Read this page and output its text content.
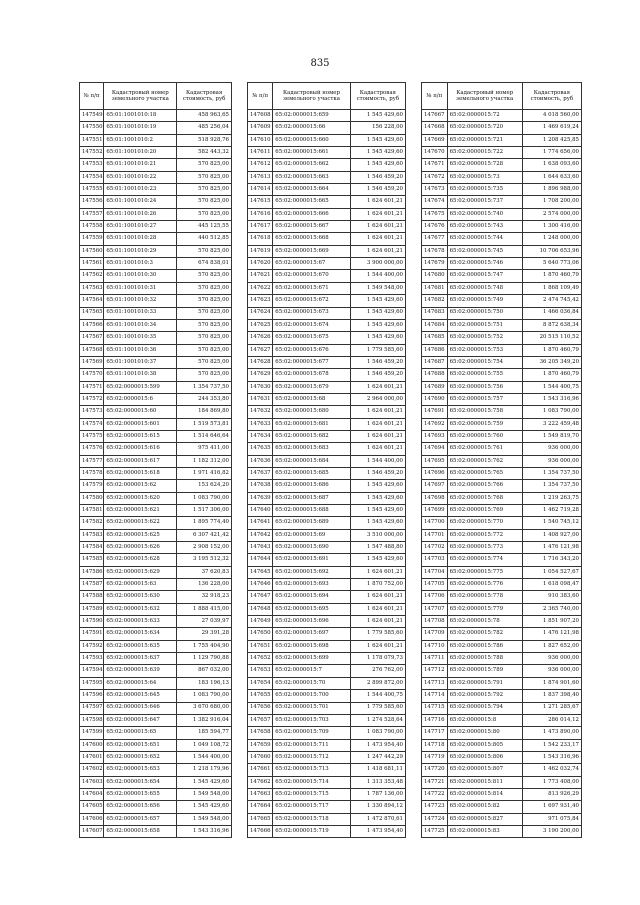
835
№ п/п	Кадастровый номер земельного участка	Кадастровая стоимость, руб
147549	65:01:1001010:18	458 963,65
147550	65:01:1001010:19	485 256,04
147551	65:01:1001010:2	518 928,76
147552	65:01:1001010:20	582 443,32
147553	65:01:1001010:21	570 825,00
147554	65:01:1001010:22	570 825,00
147555	65:01:1001010:23	570 825,00
147556	65:01:1001010:24	570 825,00
147557	65:01:1001010:26	570 825,00
147558	65:01:1001010:27	445 125,55
147559	65:01:1001010:28	440 512,85
147560	65:01:1001010:29	570 825,00
147561	65:01:1001010:3	674 838,01
147562	65:01:1001010:30	570 825,00
147563	65:01:1001010:31	570 825,00
147564	65:01:1001010:32	570 825,00
147565	65:01:1001010:33	570 825,00
147566	65:01:1001010:34	570 825,00
147567	65:01:1001010:35	570 825,00
147568	65:01:1001010:36	570 825,00
147569	65:01:1001010:37	570 825,00
147570	65:01:1001010:38	570 825,00
147571	65:02:0000015:599	1 354 737,50
147572	65:02:0000015:6	244 353,80
147573	65:02:0000015:60	184 869,80
147574	65:02:0000015:601	1 519 573,81
147575	65:02:0000015:615	1 514 646,64
147576	65:02:0000015:616	975 411,00
147577	65:02:0000015:617	1 182 312,00
147578	65:02:0000015:618	1 971 416,82
147579	65:02:0000015:62	153 624,20
147580	65:02:0000015:620	1 083 790,00
147581	65:02:0000015:621	1 517 306,00
147582	65:02:0000015:622	1 895 774,40
147583	65:02:0000015:625	6 307 421,42
147584	65:02:0000015:626	2 908 152,00
147585	65:02:0000015:628	3 195 512,32
147586	65:02:0000015:629	37 620,83
147587	65:02:0000015:63	136 228,00
147588	65:02:0000015:630	32 918,23
147589	65:02:0000015:632	1 888 415,00
147590	65:02:0000015:633	27 039,97
147591	65:02:0000015:634	29 391,28
147592	65:02:0000015:635	1 755 404,90
147593	65:02:0000015:637	1 129 790,88
147594	65:02:0000015:639	867 032,00
147595	65:02:0000015:64	183 196,13
147596	65:02:0000015:645	1 083 790,00
147597	65:02:0000015:646	3 670 680,00
147598	65:02:0000015:647	1 382 916,04
147599	65:02:0000015:65	185 594,77
147600	65:02:0000015:651	1 049 108,72
147601	65:02:0000015:652	1 544 400,00
147602	65:02:0000015:653	1 218 179,96
147603	65:02:0000015:654	1 545 429,60
147604	65:02:0000015:655	1 549 548,00
147605	65:02:0000015:656	1 545 429,60
147606	65:02:0000015:657	1 549 548,00
147607	65:02:0000015:658	1 543 316,96
№ п/п	Кадастровый номер земельного участка	Кадастровая стоимость, руб
147608	65:02:0000015:659	1 545 429,60
147609	65:02:0000015:66	156 228,00
147610	65:02:0000015:660	1 545 429,60
147611	65:02:0000015:661	1 545 429,60
147612	65:02:0000015:662	1 545 429,60
147613	65:02:0000015:663	1 546 459,20
147614	65:02:0000015:664	1 546 459,20
147615	65:02:0000015:665	1 624 601,21
147616	65:02:0000015:666	1 624 601,21
147617	65:02:0000015:667	1 624 601,21
147618	65:02:0000015:668	1 624 601,21
147619	65:02:0000015:669	1 624 601,21
147620	65:02:0000015:67	3 900 000,00
147621	65:02:0000015:670	1 544 400,00
147622	65:02:0000015:671	1 549 548,00
147623	65:02:0000015:672	1 545 429,60
147624	65:02:0000015:673	1 545 429,60
147625	65:02:0000015:674	1 545 429,60
147626	65:02:0000015:675	1 545 429,60
147627	65:02:0000015:676	1 779 585,60
147628	65:02:0000015:677	1 546 459,20
147629	65:02:0000015:678	1 546 459,20
147630	65:02:0000015:679	1 624 601,21
147631	65:02:0000015:68	2 964 000,00
147632	65:02:0000015:680	1 624 601,21
147633	65:02:0000015:681	1 624 601,21
147634	65:02:0000015:682	1 624 601,21
147635	65:02:0000015:683	1 624 601,21
147636	65:02:0000015:684	1 544 400,00
147637	65:02:0000015:685	1 546 459,20
147638	65:02:0000015:686	1 545 429,60
147639	65:02:0000015:687	1 545 429,60
147640	65:02:0000015:688	1 545 429,60
147641	65:02:0000015:689	1 545 429,60
147642	65:02:0000015:69	3 510 000,00
147643	65:02:0000015:690	1 547 488,80
147644	65:02:0000015:691	1 545 429,60
147645	65:02:0000015:692	1 624 601,21
147646	65:02:0000015:693	1 870 752,00
147647	65:02:0000015:694	1 624 601,21
147648	65:02:0000015:695	1 624 601,21
147649	65:02:0000015:696	1 624 601,21
147650	65:02:0000015:697	1 779 585,60
147651	65:02:0000015:698	1 624 601,21
147652	65:02:0000015:699	1 178 079,73
147653	65:02:0000015:7	276 762,00
147654	65:02:0000015:70	2 899 872,00
147655	65:02:0000015:700	1 544 400,75
147656	65:02:0000015:701	1 779 585,60
147657	65:02:0000015:703	1 274 528,64
147658	65:02:0000015:709	1 083 790,00
147659	65:02:0000015:711	1 473 954,40
147660	65:02:0000015:712	1 247 442,29
147661	65:02:0000015:713	1 418 681,11
147662	65:02:0000015:714	1 313 353,48
147663	65:02:0000015:715	1 787 136,00
147664	65:02:0000015:717	1 330 894,12
147665	65:02:0000015:718	1 472 870,61
147666	65:02:0000015:719	1 473 954,40
№ п/п	Кадастровый номер земельного участка	Кадастровая стоимость, руб
147667	65:02:0000015:72	4 018 560,00
147668	65:02:0000015:720	1 469 619,24
147669	65:02:0000015:721	1 208 425,85
147670	65:02:0000015:722	1 774 656,00
147671	65:02:0000015:728	1 638 093,60
147672	65:02:0000015:73	1 644 633,60
147673	65:02:0000015:735	1 896 988,00
147674	65:02:0000015:737	1 708 200,00
147675	65:02:0000015:740	2 574 000,00
147676	65:02:0000015:743	1 300 416,00
147677	65:02:0000015:744	1 248 000,00
147678	65:02:0000015:745	10 706 653,96
147679	65:02:0000015:746	5 640 773,06
147680	65:02:0000015:747	1 870 460,79
147681	65:02:0000015:748	1 868 109,49
147682	65:02:0000015:749	2 474 745,42
147683	65:02:0000015:750	1 466 036,84
147684	65:02:0000015:751	8 872 638,34
147685	65:02:0000015:752	20 515 110,52
147686	65:02:0000015:753	1 870 460,79
147687	65:02:0000015:754	36 205 349,20
147688	65:02:0000015:755	1 870 460,79
147689	65:02:0000015:756	1 544 400,75
147690	65:02:0000015:757	1 543 316,96
147691	65:02:0000015:758	1 083 790,00
147692	65:02:0000015:759	3 222 459,48
147693	65:02:0000015:760	1 549 819,70
147694	65:02:0000015:761	936 000,00
147695	65:02:0000015:762	936 000,00
147696	65:02:0000015:765	1 354 737,50
147697	65:02:0000015:766	1 354 737,50
147698	65:02:0000015:768	1 219 263,75
147699	65:02:0000015:769	1 462 719,28
147700	65:02:0000015:770	1 540 745,12
147701	65:02:0000015:772	1 408 927,00
147702	65:02:0000015:773	1 476 121,98
147703	65:02:0000015:774	1 716 343,20
147704	65:02:0000015:775	1 054 527,67
147705	65:02:0000015:776	1 618 098,47
147706	65:02:0000015:778	910 383,60
147707	65:02:0000015:779	2 365 740,00
147708	65:02:0000015:78	1 851 907,20
147709	65:02:0000015:782	1 476 121,98
147710	65:02:0000015:786	1 827 652,00
147711	65:02:0000015:788	936 000,00
147712	65:02:0000015:789	936 000,00
147713	65:02:0000015:791	1 874 901,60
147714	65:02:0000015:792	1 837 398,40
147715	65:02:0000015:794	1 271 285,67
147716	65:02:0000015:8	286 014,12
147717	65:02:0000015:80	1 473 890,00
147718	65:02:0000015:805	1 542 233,17
147719	65:02:0000015:806	1 543 316,96
147720	65:02:0000015:807	1 462 032,74
147721	65:02:0000015:811	1 773 408,00
147722	65:02:0000015:814	813 926,29
147723	65:02:0000015:82	1 697 931,40
147724	65:02:0000015:827	971 075,84
147725	65:02:0000015:83	3 190 200,00
